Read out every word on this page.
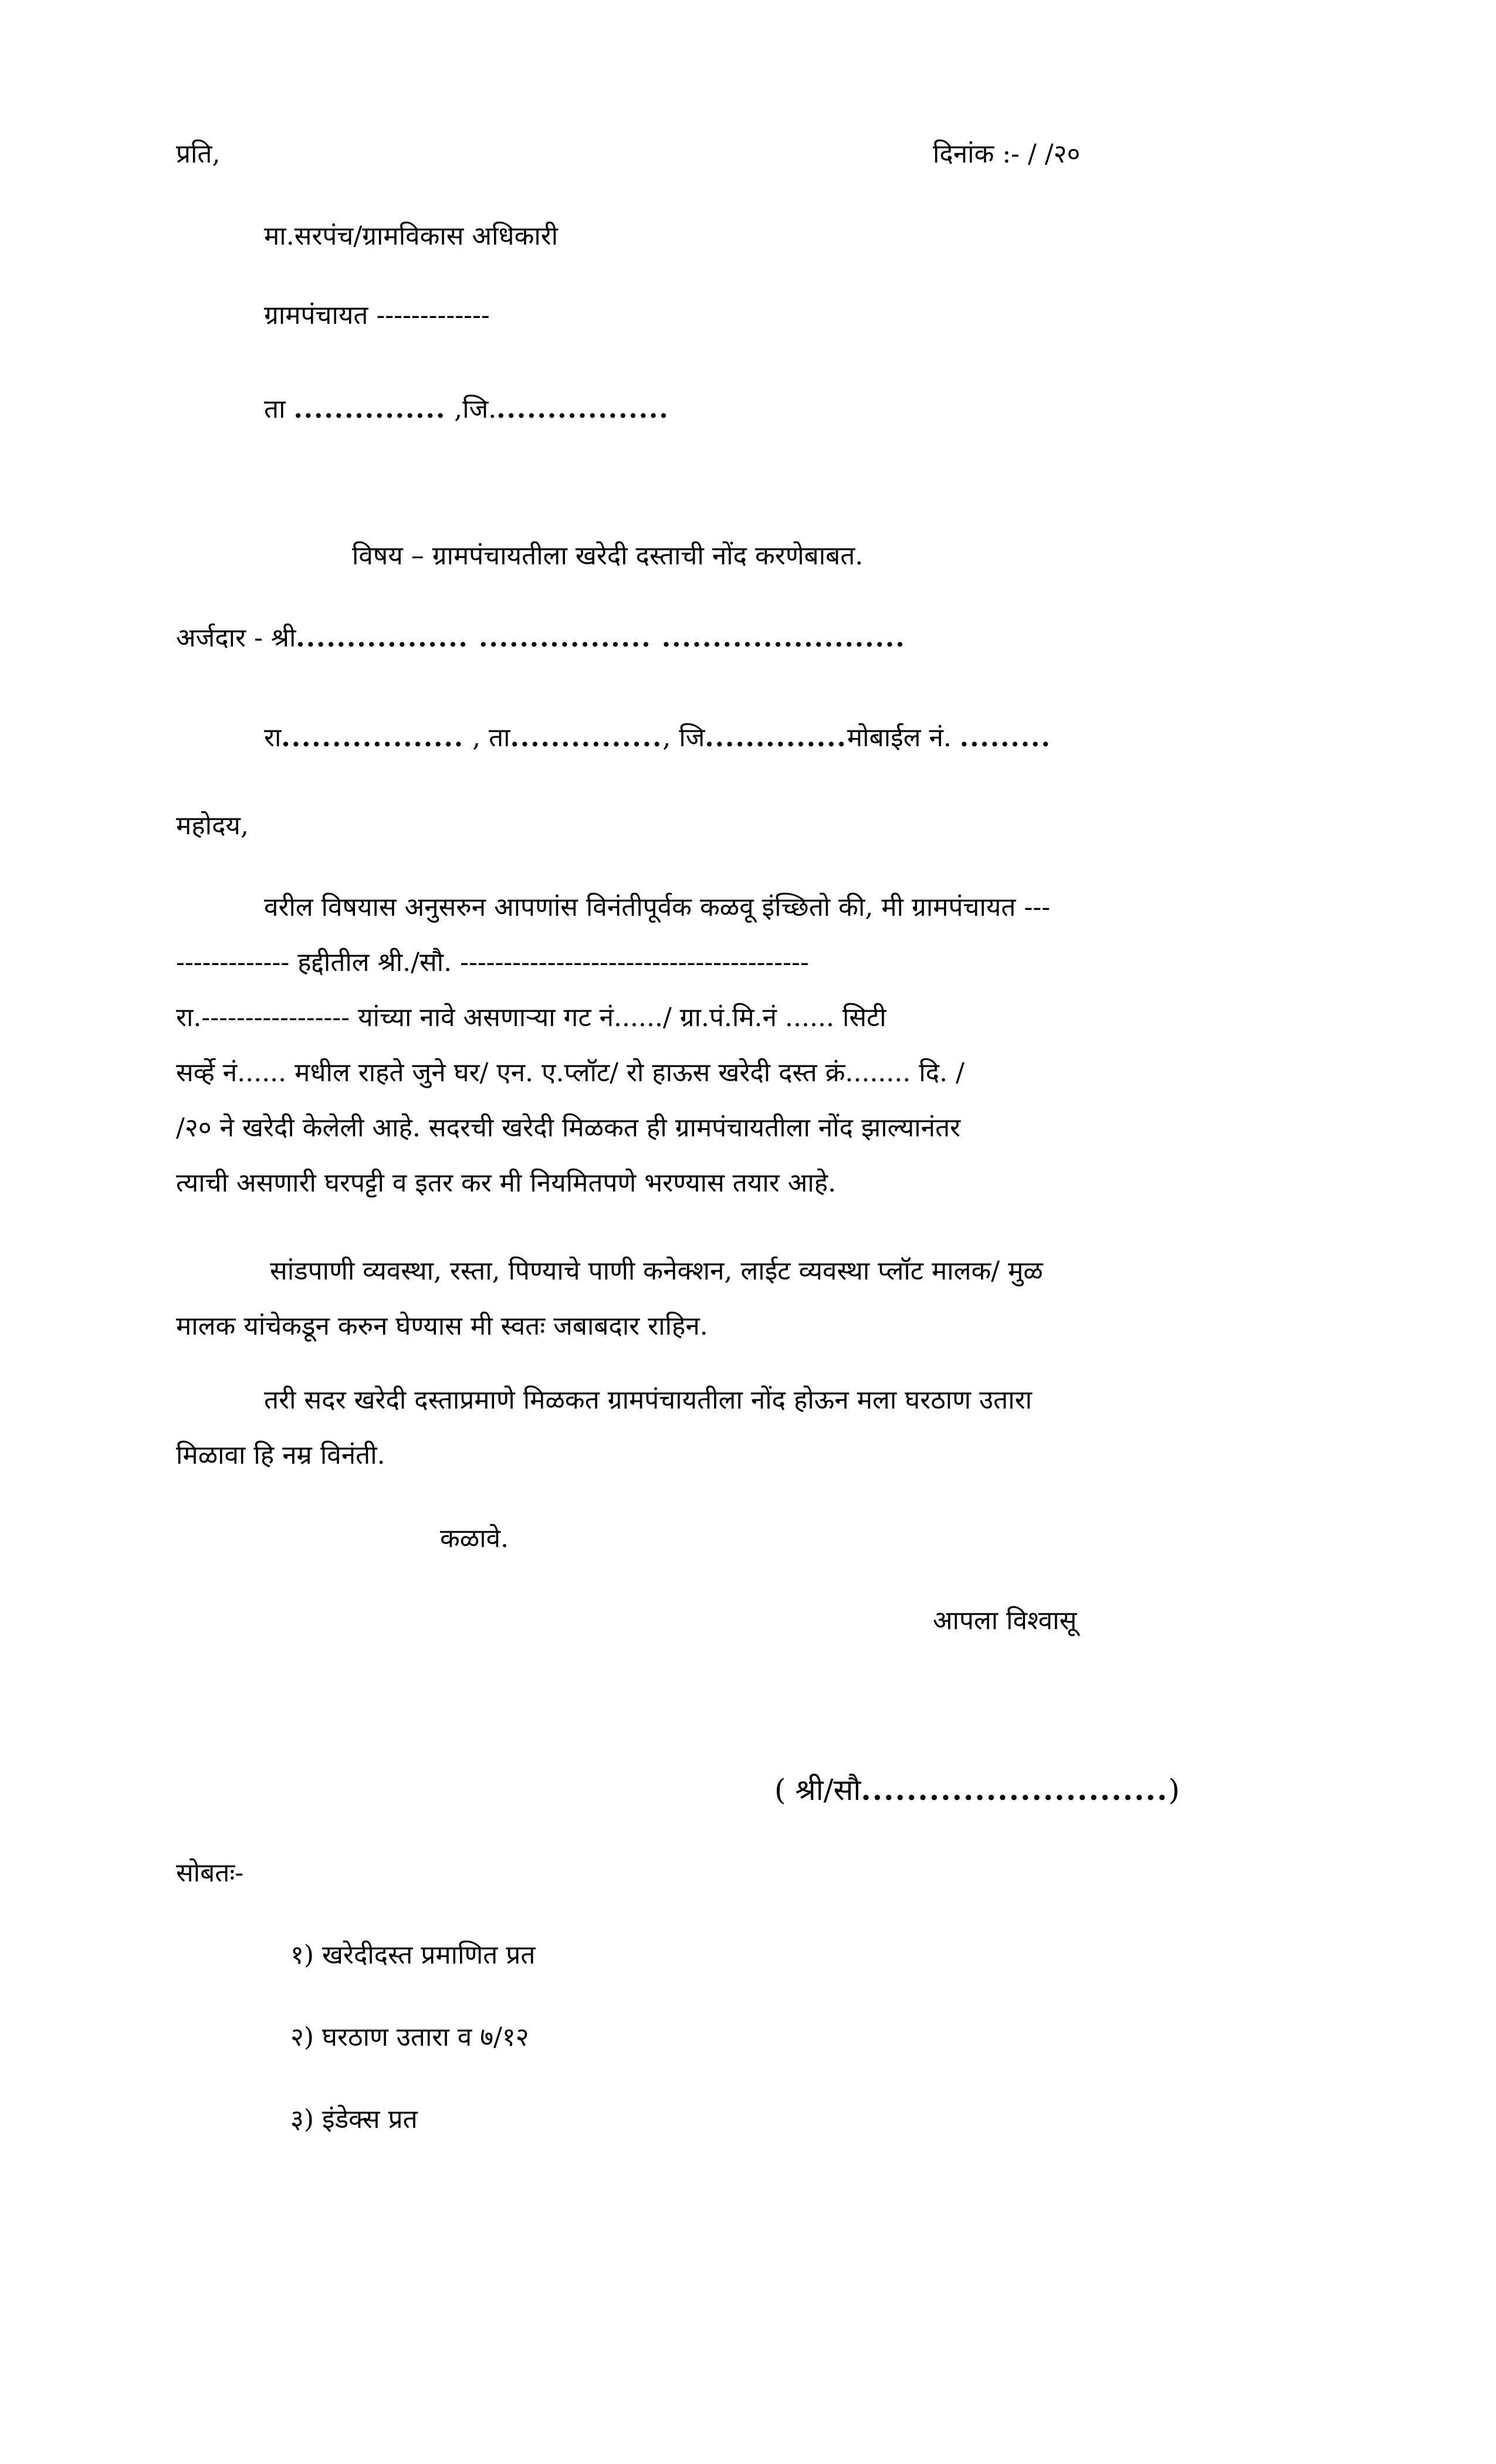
प्रति,	दिनांक :- / /२०
मा.सरपंच/ग्रामविकास अधिकारी
ग्रामपंचायत -------------
ता ............... ,जि..................
विषय – ग्रामपंचायतीला खरेदी दस्ताची नोंद करणेबाबत.
अर्जदार - श्री................. ................. ........................
रा.................. , ता..............., जि..............मोबाईल नं. .........
महोदय,
वरील विषयास अनुसरुन आपणांस विनंतीपूर्वक कळवू इंच्छितो की, मी ग्रामपंचायत ---
------------- हद्दीतील श्री./सौ. ----------------------------------------
रा.----------------- यांच्या नावे असणाऱ्या गट नं....../ ग्रा.पं.मि.नं ...... सिटी
सर्व्हे नं...... मधील राहते जुने घर/ एन. ए.प्लॉट/ रो हाऊस खरेदी दस्त क्रं........ दि. /
/२० ने खरेदी केलेली आहे. सदरची खरेदी मिळकत ही ग्रामपंचायतीला नोंद झाल्यानंतर
त्याची असणारी घरपट्टी व इतर कर मी नियमितपणे भरण्यास तयार आहे.
सांडपाणी व्यवस्था, रस्ता, पिण्याचे पाणी कनेक्शन, लाईट व्यवस्था प्लॉट मालक/ मुळ
मालक यांचेकडून करुन घेण्यास मी स्वतः जबाबदार राहिन.
तरी सदर खरेदी दस्ताप्रमाणे मिळकत ग्रामपंचायतीला नोंद होऊन मला घरठाण उतारा
मिळावा हि नम्र विनंती.
कळावे.
आपला विश्वासू
( श्री/सौ...........................)
सोबतः-
१) खरेदीदस्त प्रमाणित प्रत
२) घरठाण उतारा व ७/१२
३) इंडेक्स प्रत
